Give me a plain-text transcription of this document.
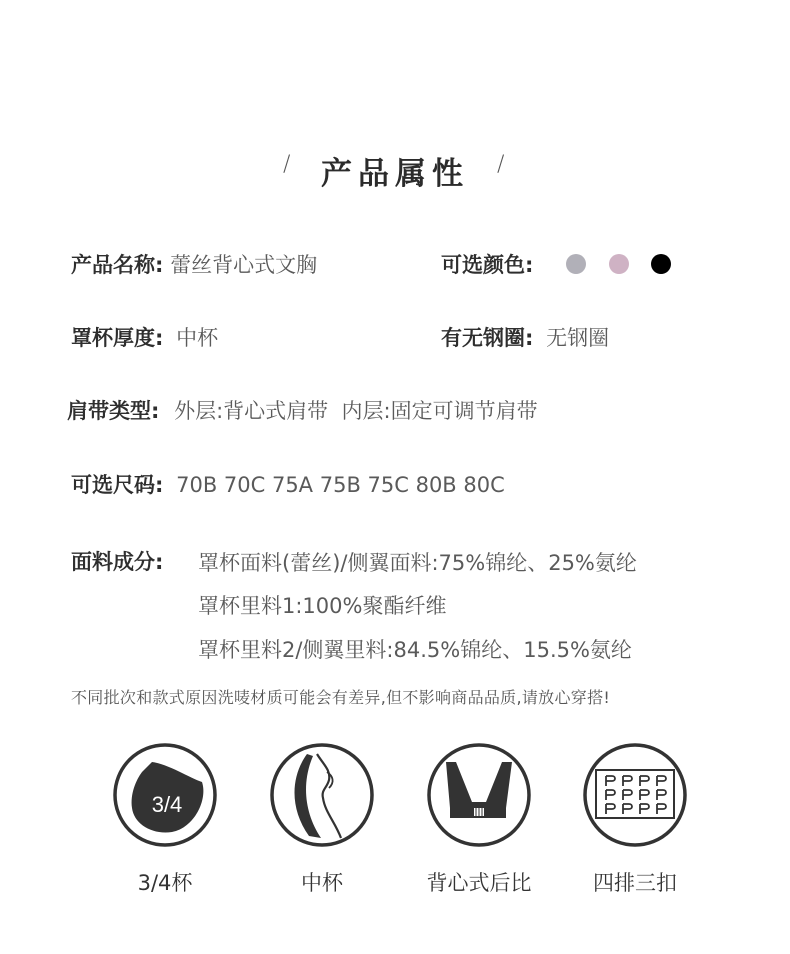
/ 产品属性	/
产品名称: 蕾丝背心式文胸	可选颜色:
罩杯厚度: 中杯	有无钢圈: 无钢圈
肩带类型: 外层:背心式肩带  内层:固定可调节肩带
可选尺码: 70B 70C 75A 75B 75C 80B 80C
面料成分: 罩杯面料(蕾丝)/侧翼面料:75%锦纶、25%氨纶
罩杯里料1:100%聚酯纤维
罩杯里料2/侧翼里料:84.5%锦纶、15.5%氨纶
不同批次和款式原因洗唛材质可能会有差异,但不影响商品品质,请放心穿搭!
3/4
3/4杯	中杯	背心式后比	四排三扣
